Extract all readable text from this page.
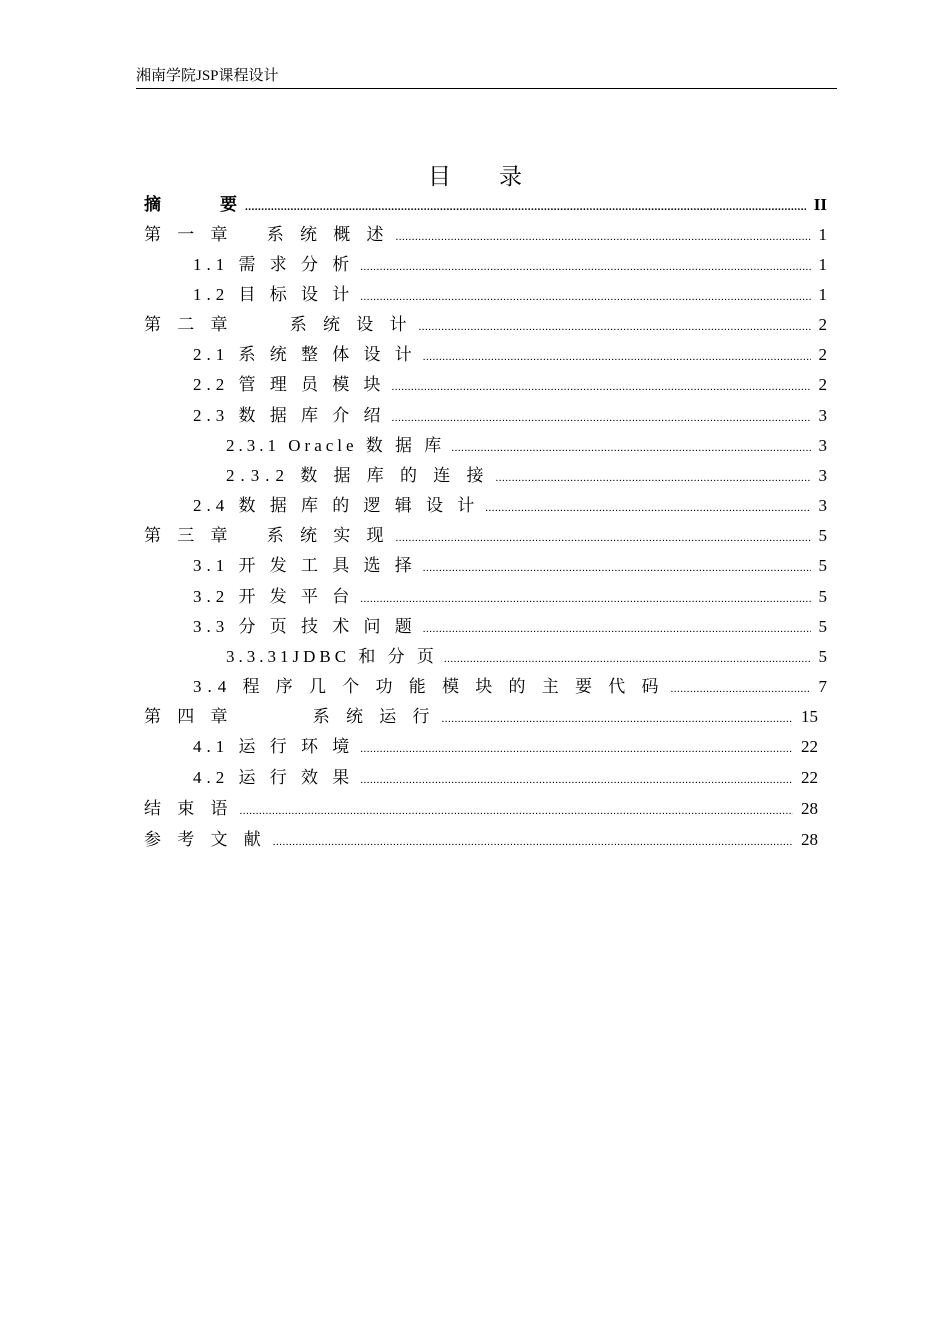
湘南学院JSP课程设计
目录
摘　　　要 .....	II
第 一 章　 系 统 概 述 .....	1
1.1 需 求 分 析 .....	1
1.2 目 标 设 计 .....	1
第 二 章　　 系 统 设 计 .....	2
2.1 系 统 整 体 设 计 .....	2
2.2 管 理 员 模 块 .....	2
2.3 数 据 库 介 绍 .....	3
2.3.1 Oracle 数 据 库 .....	3
2.3.2 数 据 库 的 连 接 .....	3
2.4 数 据 库 的 逻 辑 设 计 .....	3
第 三 章　 系 统 实 现 .....	5
3.1 开 发 工 具 选 择 .....	5
3.2 开 发 平 台 .....	5
3.3 分 页 技 术 问 题 .....	5
3.3.31JDBC 和 分 页 .....	5
3.4 程 序 几 个 功 能 模 块 的 主 要 代 码 .....	7
第 四 章　　　 系 统 运 行 .....	15
4.1 运 行 环 境 .....	22
4.2 运 行 效 果 .....	22
结 束 语 .....	28
参 考 文 献 .....	28
